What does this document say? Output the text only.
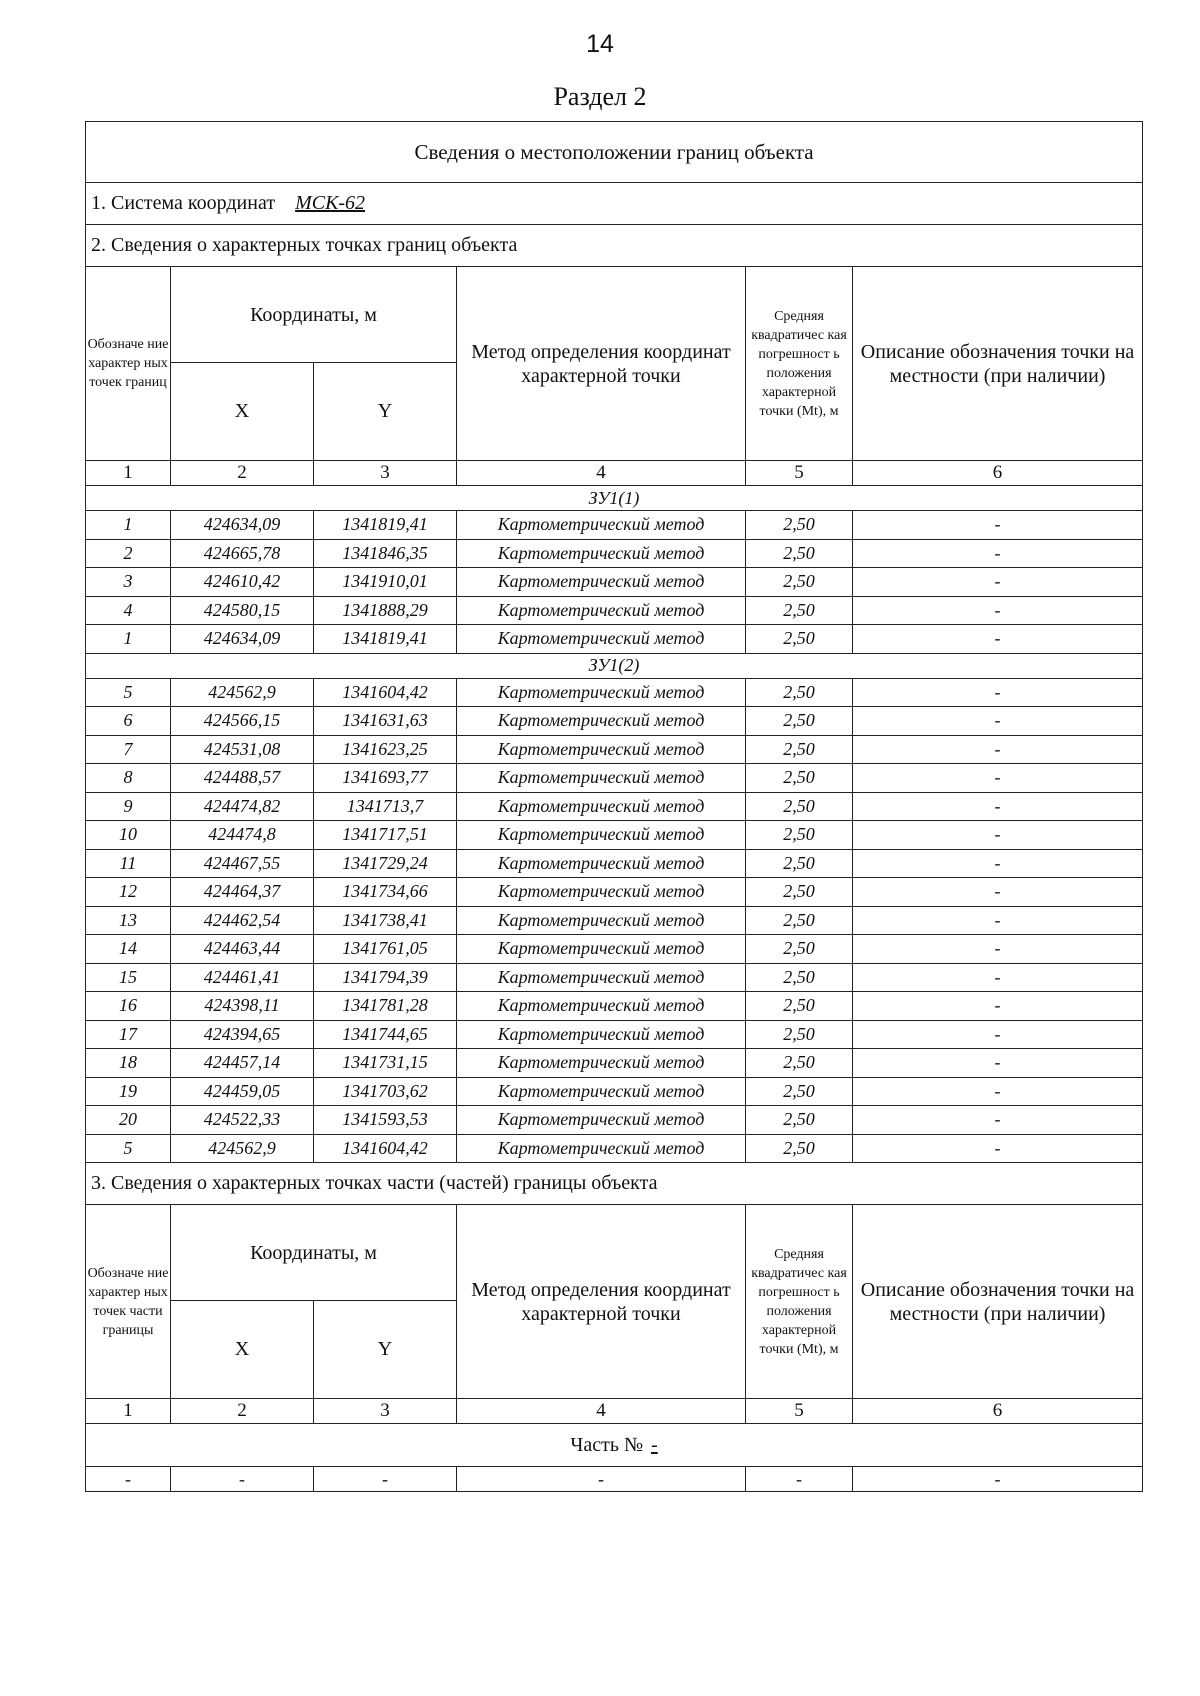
14
Раздел 2
Сведения о местоположении границ объекта					
1. Система координат МСК-62					
2. Сведения о характерных точках границ объекта					
Обозначе ние характер ных точек границ	Координаты, м		Метод определения координат характерной точки	Средняя квадратичес кая погрешност ь положения характерной точки (Mt), м	Описание обозначения точки на местности (при наличии)
	X	Y			
1	2	3	4	5	6
ЗУ1(1)					
1	424634,09	1341819,41	Картометрический метод	2,50	-
2	424665,78	1341846,35	Картометрический метод	2,50	-
3	424610,42	1341910,01	Картометрический метод	2,50	-
4	424580,15	1341888,29	Картометрический метод	2,50	-
1	424634,09	1341819,41	Картометрический метод	2,50	-
ЗУ1(2)					
5	424562,9	1341604,42	Картометрический метод	2,50	-
6	424566,15	1341631,63	Картометрический метод	2,50	-
7	424531,08	1341623,25	Картометрический метод	2,50	-
8	424488,57	1341693,77	Картометрический метод	2,50	-
9	424474,82	1341713,7	Картометрический метод	2,50	-
10	424474,8	1341717,51	Картометрический метод	2,50	-
11	424467,55	1341729,24	Картометрический метод	2,50	-
12	424464,37	1341734,66	Картометрический метод	2,50	-
13	424462,54	1341738,41	Картометрический метод	2,50	-
14	424463,44	1341761,05	Картометрический метод	2,50	-
15	424461,41	1341794,39	Картометрический метод	2,50	-
16	424398,11	1341781,28	Картометрический метод	2,50	-
17	424394,65	1341744,65	Картометрический метод	2,50	-
18	424457,14	1341731,15	Картометрический метод	2,50	-
19	424459,05	1341703,62	Картометрический метод	2,50	-
20	424522,33	1341593,53	Картометрический метод	2,50	-
5	424562,9	1341604,42	Картометрический метод	2,50	-
3. Сведения о характерных точках части (частей) границы объекта					
Обозначе ние характер ных точек части границы	Координаты, м		Метод определения координат характерной точки	Средняя квадратичес кая погрешност ь положения характерной точки (Mt), м	Описание обозначения точки на местности (при наличии)
	X	Y			
1	2	3	4	5	6
Часть № -					
-	-	-	-	-	-
